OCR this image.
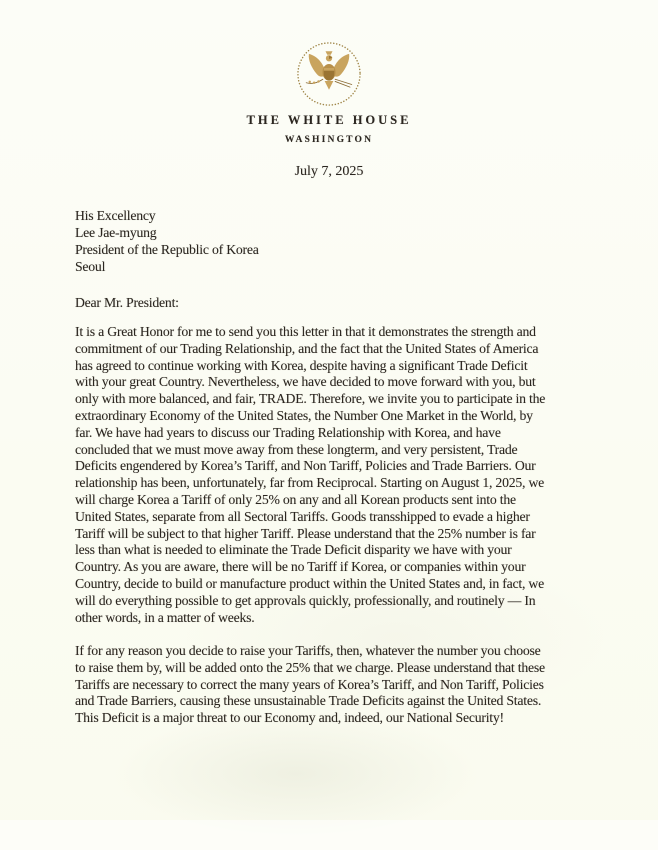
THE WHITE HOUSE
WASHINGTON
July 7, 2025
His Excellency
Lee Jae-myung
President of the Republic of Korea
Seoul
Dear Mr. President:
It is a Great Honor for me to send you this letter in that it demonstrates the strength and
commitment of our Trading Relationship, and the fact that the United States of America
has agreed to continue working with Korea, despite having a significant Trade Deficit
with your great Country. Nevertheless, we have decided to move forward with you, but
only with more balanced, and fair, TRADE. Therefore, we invite you to participate in the
extraordinary Economy of the United States, the Number One Market in the World, by
far. We have had years to discuss our Trading Relationship with Korea, and have
concluded that we must move away from these longterm, and very persistent, Trade
Deficits engendered by Korea’s Tariff, and Non Tariff, Policies and Trade Barriers. Our
relationship has been, unfortunately, far from Reciprocal. Starting on August 1, 2025, we
will charge Korea a Tariff of only 25% on any and all Korean products sent into the
United States, separate from all Sectoral Tariffs. Goods transshipped to evade a higher
Tariff will be subject to that higher Tariff. Please understand that the 25% number is far
less than what is needed to eliminate the Trade Deficit disparity we have with your
Country. As you are aware, there will be no Tariff if Korea, or companies within your
Country, decide to build or manufacture product within the United States and, in fact, we
will do everything possible to get approvals quickly, professionally, and routinely — In
other words, in a matter of weeks.
If for any reason you decide to raise your Tariffs, then, whatever the number you choose
to raise them by, will be added onto the 25% that we charge. Please understand that these
Tariffs are necessary to correct the many years of Korea’s Tariff, and Non Tariff, Policies
and Trade Barriers, causing these unsustainable Trade Deficits against the United States.
This Deficit is a major threat to our Economy and, indeed, our National Security!
